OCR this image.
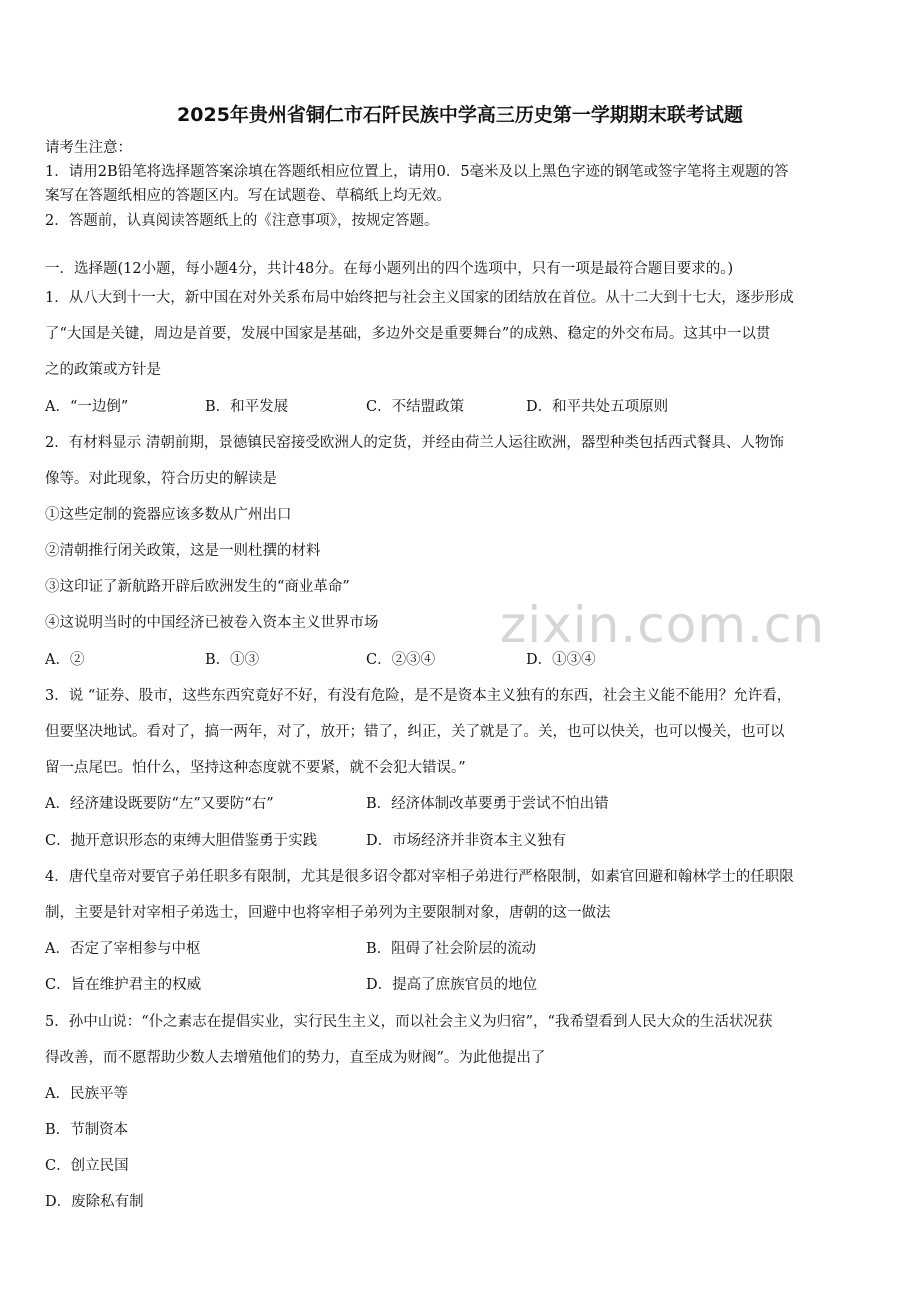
zixin.com.cn
2025年贵州省铜仁市石阡民族中学高三历史第一学期期末联考试题
请考生注意：
1．请用2B铅笔将选择题答案涂填在答题纸相应位置上，请用0．5毫米及以上黑色字迹的钢笔或签字笔将主观题的答
案写在答题纸相应的答题区内。写在试题卷、草稿纸上均无效。
2．答题前，认真阅读答题纸上的《注意事项》，按规定答题。
一．选择题(12小题，每小题4分，共计48分。在每小题列出的四个选项中，只有一项是最符合题目要求的。)
1．从八大到十一大，新中国在对外关系布局中始终把与社会主义国家的团结放在首位。从十二大到十七大，逐步形成
了“大国是关键，周边是首要，发展中国家是基础，多边外交是重要舞台”的成熟、稳定的外交布局。这其中一以贯
之的政策或方针是
A．“一边倒”	B．和平发展	C．不结盟政策	D．和平共处五项原则
2．有材料显示 清朝前期，景德镇民窑接受欧洲人的定货，并经由荷兰人运往欧洲，器型种类包括西式餐具、人物饰
像等。对此现象，符合历史的解读是
①这些定制的瓷器应该多数从广州出口
②清朝推行闭关政策，这是一则杜撰的材料
③这印证了新航路开辟后欧洲发生的“商业革命”
④这说明当时的中国经济已被卷入资本主义世界市场
A．②	B．①③	C．②③④	D．①③④
3．说 “证券、股市，这些东西究竟好不好，有没有危险，是不是资本主义独有的东西，社会主义能不能用？允许看，
但要坚决地试。看对了，搞一两年，对了，放开；错了，纠正，关了就是了。关，也可以快关，也可以慢关，也可以
留一点尾巴。怕什么，坚持这种态度就不要紧，就不会犯大错误。”
A．经济建设既要防“左”又要防“右”	B．经济体制改革要勇于尝试不怕出错
C．抛开意识形态的束缚大胆借鉴勇于实践	D．市场经济并非资本主义独有
4．唐代皇帝对要官子弟任职多有限制，尤其是很多诏令都对宰相子弟进行严格限制，如素官回避和翰林学士的任职限
制，主要是针对宰相子弟选士，回避中也将宰相子弟列为主要限制对象，唐朝的这一做法
A．否定了宰相参与中枢	B．阻碍了社会阶层的流动
C．旨在维护君主的权威	D．提高了庶族官员的地位
5．孙中山说：“仆之素志在提倡实业，实行民生主义，而以社会主义为归宿”，“我希望看到人民大众的生活状况获
得改善，而不愿帮助少数人去增殖他们的势力，直至成为财阀”。为此他提出了
A．民族平等
B．节制资本
C．创立民国
D．废除私有制
